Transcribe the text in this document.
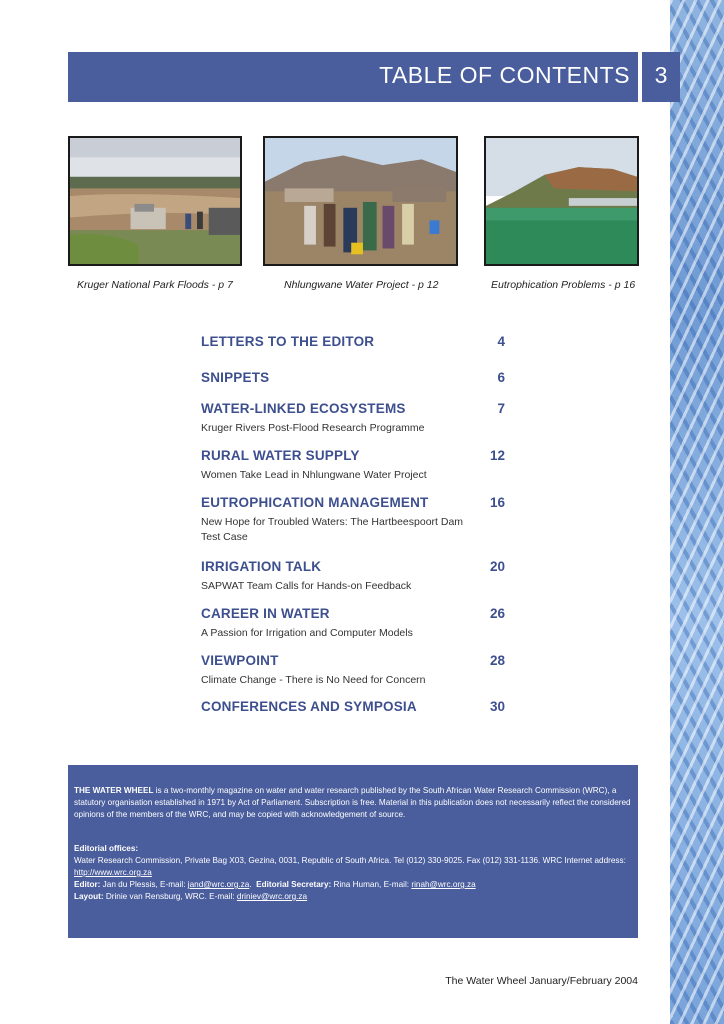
TABLE OF CONTENTS	3
Kruger National Park Floods - p 7	Nhlungwane Water Project - p 12	Eutrophication Problems - p 16
LETTERS TO THE EDITOR	4
SNIPPETS	6
WATER-LINKED ECOSYSTEMS	7
Kruger Rivers Post-Flood Research Programme
RURAL WATER SUPPLY	12
Women Take Lead in Nhlungwane Water Project
EUTROPHICATION MANAGEMENT	16
New Hope for Troubled Waters: The Hartbeespoort Dam Test Case
IRRIGATION TALK	20
SAPWAT Team Calls for Hands-on Feedback
CAREER IN WATER	26
A Passion for Irrigation and Computer Models
VIEWPOINT	28
Climate Change - There is No Need for Concern
CONFERENCES AND SYMPOSIA	30

THE WATER WHEEL is a two-monthly magazine on water and water research published by the South African Water Research Commission (WRC), a statutory organisation established in 1971 by Act of Parliament. Subscription is free. Material in this publication does not necessarily reflect the considered opinions of the members of the WRC, and may be copied with acknowledgement of source.

Editorial offices:

Water Research Commission, Private Bag X03, Gezina, 0031, Republic of South Africa. Tel (012) 330-9025. Fax (012) 331-1136. WRC Internet address: http://www.wrc.org.za

Editor: Jan du Plessis, E-mail: jand@wrc.org.za.  Editorial Secretary: Rina Human, E-mail: rinah@wrc.org.za

Layout: Drinie van Rensburg, WRC. E-mail: driniev@wrc.org.za

The Water Wheel January/February 2004
